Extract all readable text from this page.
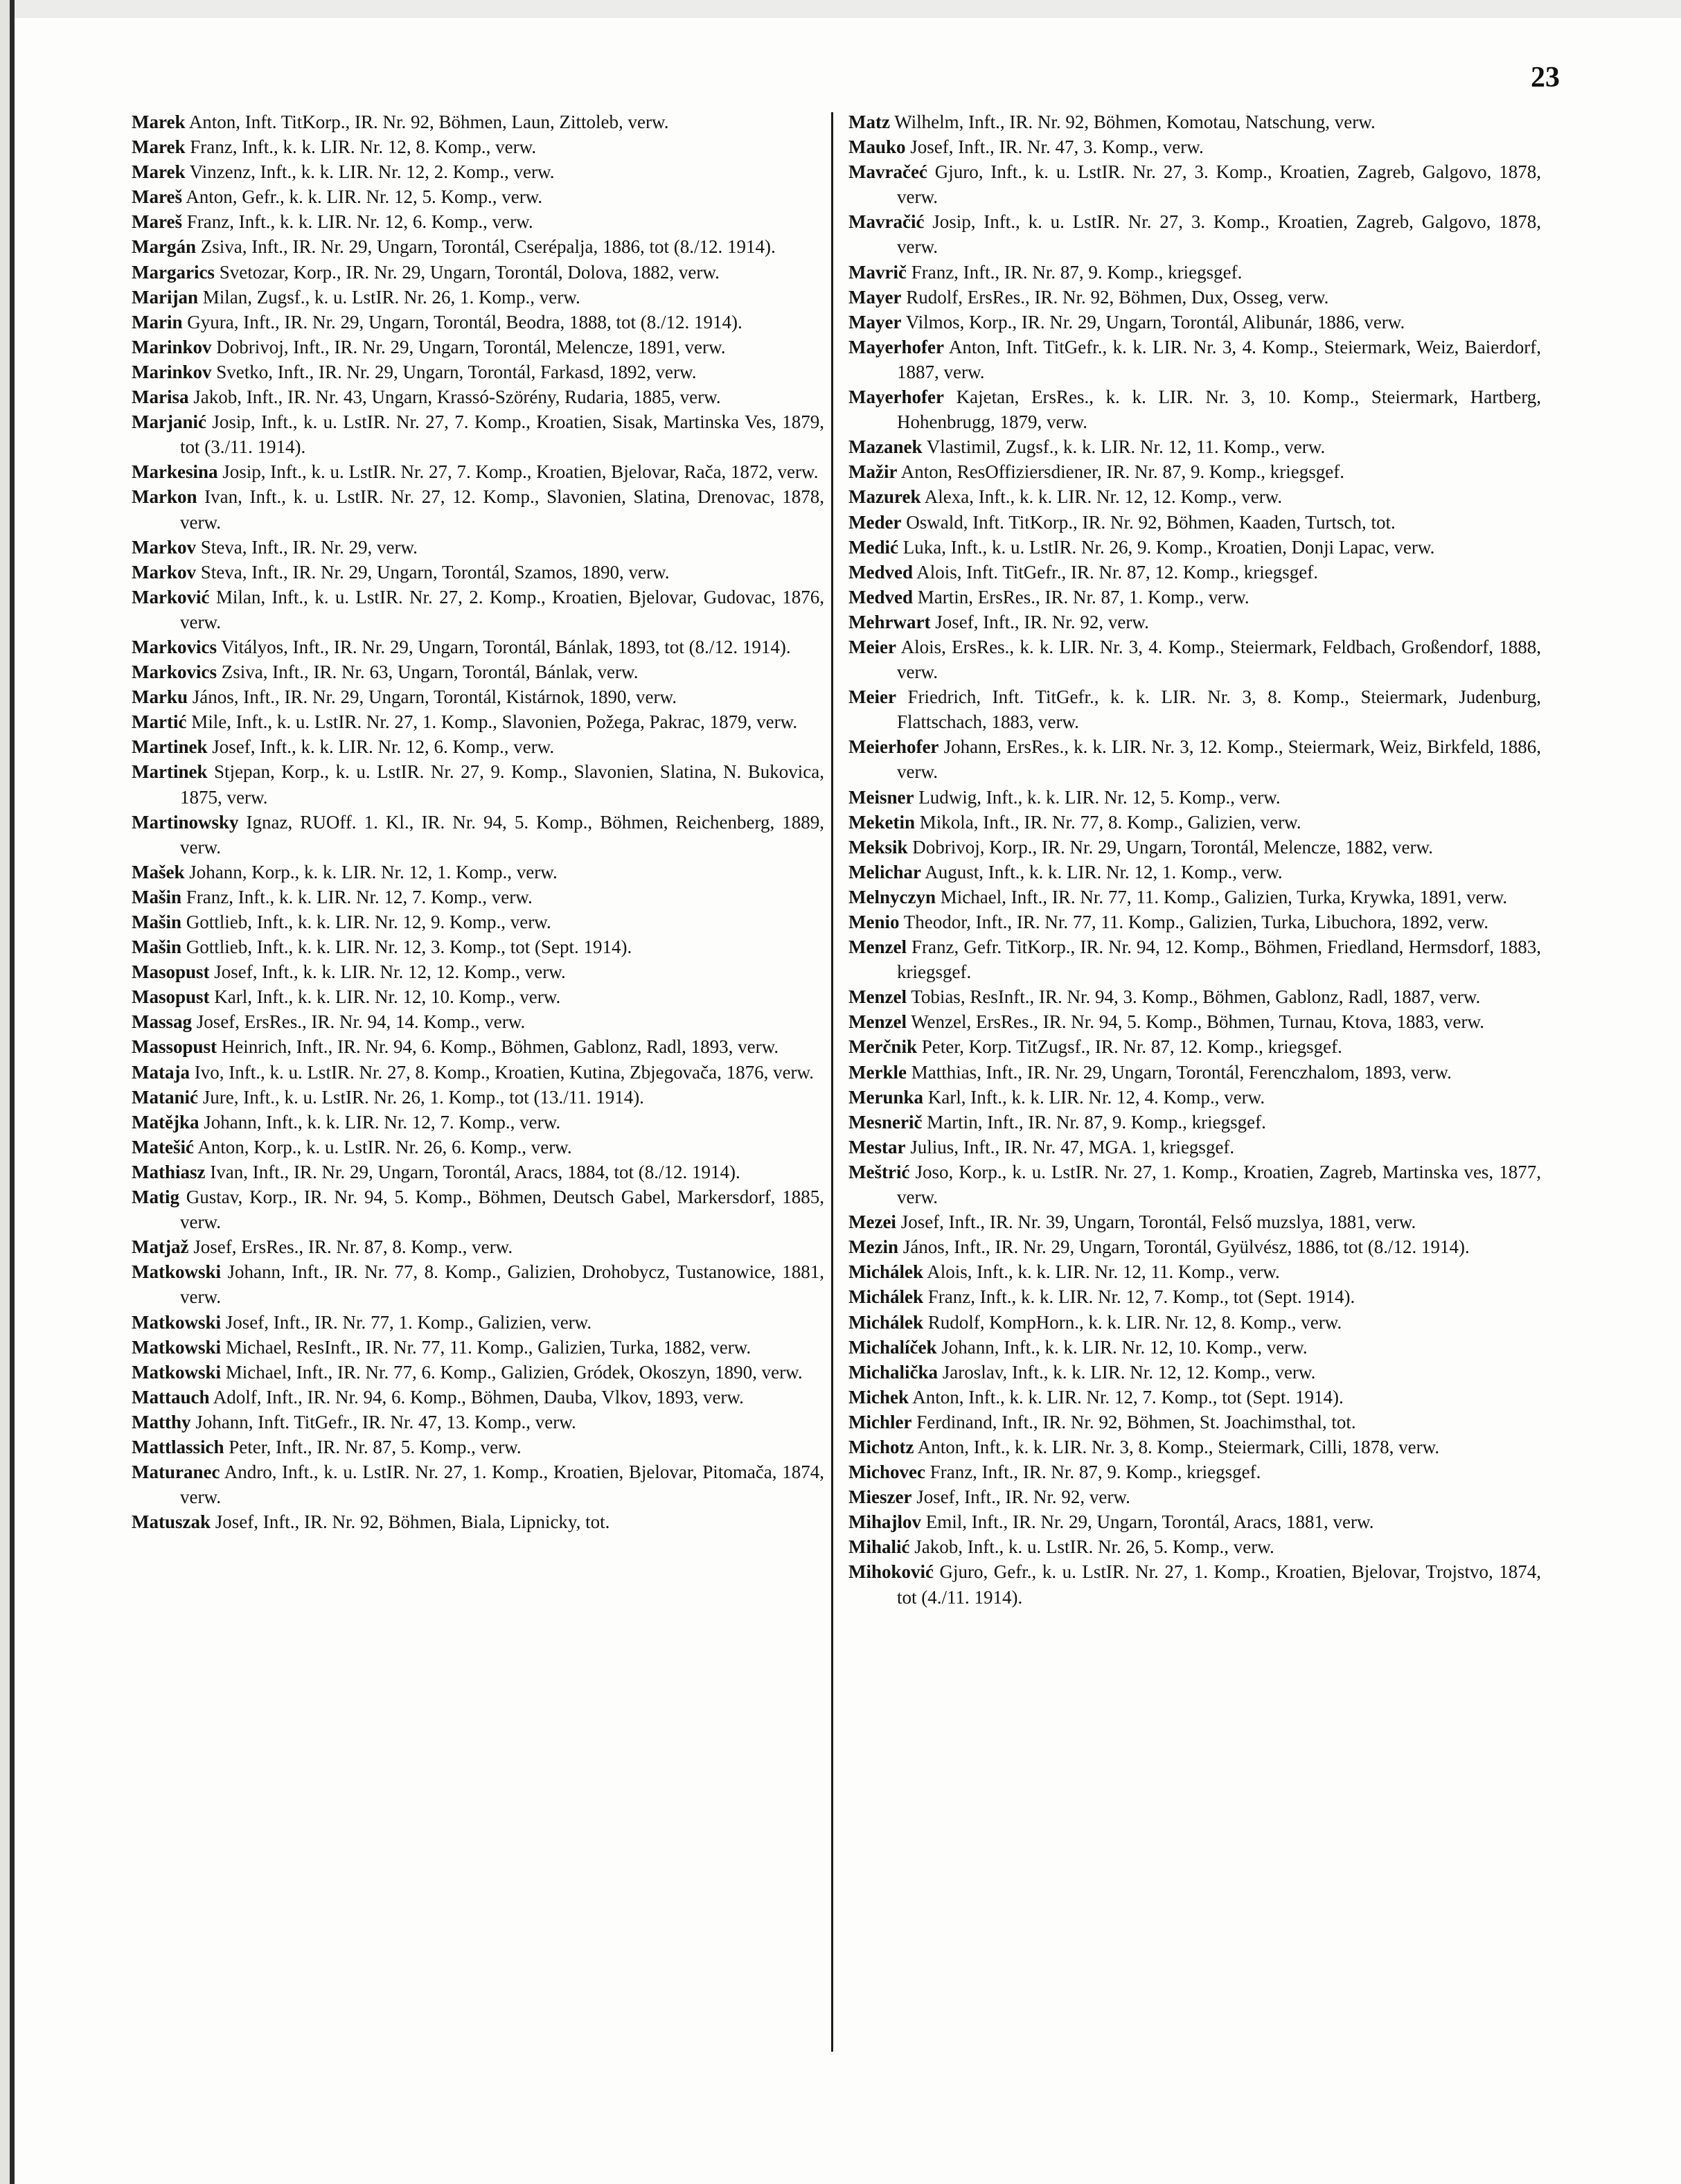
23

Marek Anton, Inft. TitKorp., IR. Nr. 92, Böhmen, Laun, Zittoleb, verw.

Marek Franz, Inft., k. k. LIR. Nr. 12, 8. Komp., verw.

Marek Vinzenz, Inft., k. k. LIR. Nr. 12, 2. Komp., verw.

Mareš Anton, Gefr., k. k. LIR. Nr. 12, 5. Komp., verw.

Mareš Franz, Inft., k. k. LIR. Nr. 12, 6. Komp., verw.

Margán Zsiva, Inft., IR. Nr. 29, Ungarn, Torontál, Cserépalja, 1886, tot (8./12. 1914).

Margarics Svetozar, Korp., IR. Nr. 29, Ungarn, Torontál, Dolova, 1882, verw.

Marijan Milan, Zugsf., k. u. LstIR. Nr. 26, 1. Komp., verw.

Marin Gyura, Inft., IR. Nr. 29, Ungarn, Torontál, Beodra, 1888, tot (8./12. 1914).

Marinkov Dobrivoj, Inft., IR. Nr. 29, Ungarn, Torontál, Melencze, 1891, verw.

Marinkov Svetko, Inft., IR. Nr. 29, Ungarn, Torontál, Farkasd, 1892, verw.

Marisa Jakob, Inft., IR. Nr. 43, Ungarn, Krassó-Szörény, Rudaria, 1885, verw.

Marjanić Josip, Inft., k. u. LstIR. Nr. 27, 7. Komp., Kroatien, Sisak, Martinska Ves, 1879, tot (3./11. 1914).

Markesina Josip, Inft., k. u. LstIR. Nr. 27, 7. Komp., Kroatien, Bjelovar, Rača, 1872, verw.

Markon Ivan, Inft., k. u. LstIR. Nr. 27, 12. Komp., Slavonien, Slatina, Drenovac, 1878, verw.

Markov Steva, Inft., IR. Nr. 29, verw.

Markov Steva, Inft., IR. Nr. 29, Ungarn, Torontál, Szamos, 1890, verw.

Marković Milan, Inft., k. u. LstIR. Nr. 27, 2. Komp., Kroatien, Bjelovar, Gudovac, 1876, verw.

Markovics Vitályos, Inft., IR. Nr. 29, Ungarn, Torontál, Bánlak, 1893, tot (8./12. 1914).

Markovics Zsiva, Inft., IR. Nr. 63, Ungarn, Torontál, Bánlak, verw.

Marku János, Inft., IR. Nr. 29, Ungarn, Torontál, Kistárnok, 1890, verw.

Martić Mile, Inft., k. u. LstIR. Nr. 27, 1. Komp., Slavonien, Požega, Pakrac, 1879, verw.

Martinek Josef, Inft., k. k. LIR. Nr. 12, 6. Komp., verw.

Martinek Stjepan, Korp., k. u. LstIR. Nr. 27, 9. Komp., Slavonien, Slatina, N. Bukovica, 1875, verw.

Martinowsky Ignaz, RUOff. 1. Kl., IR. Nr. 94, 5. Komp., Böhmen, Reichenberg, 1889, verw.

Mašek Johann, Korp., k. k. LIR. Nr. 12, 1. Komp., verw.

Mašin Franz, Inft., k. k. LIR. Nr. 12, 7. Komp., verw.

Mašin Gottlieb, Inft., k. k. LIR. Nr. 12, 9. Komp., verw.

Mašin Gottlieb, Inft., k. k. LIR. Nr. 12, 3. Komp., tot (Sept. 1914).

Masopust Josef, Inft., k. k. LIR. Nr. 12, 12. Komp., verw.

Masopust Karl, Inft., k. k. LIR. Nr. 12, 10. Komp., verw.

Massag Josef, ErsRes., IR. Nr. 94, 14. Komp., verw.

Massopust Heinrich, Inft., IR. Nr. 94, 6. Komp., Böhmen, Gablonz, Radl, 1893, verw.

Mataja Ivo, Inft., k. u. LstIR. Nr. 27, 8. Komp., Kroatien, Kutina, Zbjegovača, 1876, verw.

Matanić Jure, Inft., k. u. LstIR. Nr. 26, 1. Komp., tot (13./11. 1914).

Matějka Johann, Inft., k. k. LIR. Nr. 12, 7. Komp., verw.

Matešić Anton, Korp., k. u. LstIR. Nr. 26, 6. Komp., verw.

Mathiasz Ivan, Inft., IR. Nr. 29, Ungarn, Torontál, Aracs, 1884, tot (8./12. 1914).

Matig Gustav, Korp., IR. Nr. 94, 5. Komp., Böhmen, Deutsch Gabel, Markersdorf, 1885, verw.

Matjaž Josef, ErsRes., IR. Nr. 87, 8. Komp., verw.

Matkowski Johann, Inft., IR. Nr. 77, 8. Komp., Galizien, Drohobycz, Tustanowice, 1881, verw.

Matkowski Josef, Inft., IR. Nr. 77, 1. Komp., Galizien, verw.

Matkowski Michael, ResInft., IR. Nr. 77, 11. Komp., Galizien, Turka, 1882, verw.

Matkowski Michael, Inft., IR. Nr. 77, 6. Komp., Galizien, Gródek, Okoszyn, 1890, verw.

Mattauch Adolf, Inft., IR. Nr. 94, 6. Komp., Böhmen, Dauba, Vlkov, 1893, verw.

Matthy Johann, Inft. TitGefr., IR. Nr. 47, 13. Komp., verw.

Mattlassich Peter, Inft., IR. Nr. 87, 5. Komp., verw.

Maturanec Andro, Inft., k. u. LstIR. Nr. 27, 1. Komp., Kroatien, Bjelovar, Pitomača, 1874, verw.

Matuszak Josef, Inft., IR. Nr. 92, Böhmen, Biala, Lipnicky, tot.

Matz Wilhelm, Inft., IR. Nr. 92, Böhmen, Komotau, Natschung, verw.

Mauko Josef, Inft., IR. Nr. 47, 3. Komp., verw.

Mavračeć Gjuro, Inft., k. u. LstIR. Nr. 27, 3. Komp., Kroatien, Zagreb, Galgovo, 1878, verw.

Mavračić Josip, Inft., k. u. LstIR. Nr. 27, 3. Komp., Kroatien, Zagreb, Galgovo, 1878, verw.

Mavrič Franz, Inft., IR. Nr. 87, 9. Komp., kriegsgef.

Mayer Rudolf, ErsRes., IR. Nr. 92, Böhmen, Dux, Osseg, verw.

Mayer Vilmos, Korp., IR. Nr. 29, Ungarn, Torontál, Alibunár, 1886, verw.

Mayerhofer Anton, Inft. TitGefr., k. k. LIR. Nr. 3, 4. Komp., Steiermark, Weiz, Baierdorf, 1887, verw.

Mayerhofer Kajetan, ErsRes., k. k. LIR. Nr. 3, 10. Komp., Steiermark, Hartberg, Hohenbrugg, 1879, verw.

Mazanek Vlastimil, Zugsf., k. k. LIR. Nr. 12, 11. Komp., verw.

Mažir Anton, ResOffiziersdiener, IR. Nr. 87, 9. Komp., kriegsgef.

Mazurek Alexa, Inft., k. k. LIR. Nr. 12, 12. Komp., verw.

Meder Oswald, Inft. TitKorp., IR. Nr. 92, Böhmen, Kaaden, Turtsch, tot.

Medić Luka, Inft., k. u. LstIR. Nr. 26, 9. Komp., Kroatien, Donji Lapac, verw.

Medved Alois, Inft. TitGefr., IR. Nr. 87, 12. Komp., kriegsgef.

Medved Martin, ErsRes., IR. Nr. 87, 1. Komp., verw.

Mehrwart Josef, Inft., IR. Nr. 92, verw.

Meier Alois, ErsRes., k. k. LIR. Nr. 3, 4. Komp., Steiermark, Feldbach, Großendorf, 1888, verw.

Meier Friedrich, Inft. TitGefr., k. k. LIR. Nr. 3, 8. Komp., Steiermark, Judenburg, Flattschach, 1883, verw.

Meierhofer Johann, ErsRes., k. k. LIR. Nr. 3, 12. Komp., Steiermark, Weiz, Birkfeld, 1886, verw.

Meisner Ludwig, Inft., k. k. LIR. Nr. 12, 5. Komp., verw.

Meketin Mikola, Inft., IR. Nr. 77, 8. Komp., Galizien, verw.

Meksik Dobrivoj, Korp., IR. Nr. 29, Ungarn, Torontál, Melencze, 1882, verw.

Melichar August, Inft., k. k. LIR. Nr. 12, 1. Komp., verw.

Melnyczyn Michael, Inft., IR. Nr. 77, 11. Komp., Galizien, Turka, Krywka, 1891, verw.

Menio Theodor, Inft., IR. Nr. 77, 11. Komp., Galizien, Turka, Libuchora, 1892, verw.

Menzel Franz, Gefr. TitKorp., IR. Nr. 94, 12. Komp., Böhmen, Friedland, Hermsdorf, 1883, kriegsgef.

Menzel Tobias, ResInft., IR. Nr. 94, 3. Komp., Böhmen, Gablonz, Radl, 1887, verw.

Menzel Wenzel, ErsRes., IR. Nr. 94, 5. Komp., Böhmen, Turnau, Ktova, 1883, verw.

Merčnik Peter, Korp. TitZugsf., IR. Nr. 87, 12. Komp., kriegsgef.

Merkle Matthias, Inft., IR. Nr. 29, Ungarn, Torontál, Ferenczhalom, 1893, verw.

Merunka Karl, Inft., k. k. LIR. Nr. 12, 4. Komp., verw.

Mesnerič Martin, Inft., IR. Nr. 87, 9. Komp., kriegsgef.

Mestar Julius, Inft., IR. Nr. 47, MGA. 1, kriegsgef.

Meštrić Joso, Korp., k. u. LstIR. Nr. 27, 1. Komp., Kroatien, Zagreb, Martinska ves, 1877, verw.

Mezei Josef, Inft., IR. Nr. 39, Ungarn, Torontál, Felső muzslya, 1881, verw.

Mezin János, Inft., IR. Nr. 29, Ungarn, Torontál, Gyülvész, 1886, tot (8./12. 1914).

Michálek Alois, Inft., k. k. LIR. Nr. 12, 11. Komp., verw.

Michálek Franz, Inft., k. k. LIR. Nr. 12, 7. Komp., tot (Sept. 1914).

Michálek Rudolf, KompHorn., k. k. LIR. Nr. 12, 8. Komp., verw.

Michalíček Johann, Inft., k. k. LIR. Nr. 12, 10. Komp., verw.

Michalička Jaroslav, Inft., k. k. LIR. Nr. 12, 12. Komp., verw.

Michek Anton, Inft., k. k. LIR. Nr. 12, 7. Komp., tot (Sept. 1914).

Michler Ferdinand, Inft., IR. Nr. 92, Böhmen, St. Joachimsthal, tot.

Michotz Anton, Inft., k. k. LIR. Nr. 3, 8. Komp., Steiermark, Cilli, 1878, verw.

Michovec Franz, Inft., IR. Nr. 87, 9. Komp., kriegsgef.

Mieszer Josef, Inft., IR. Nr. 92, verw.

Mihajlov Emil, Inft., IR. Nr. 29, Ungarn, Torontál, Aracs, 1881, verw.

Mihalić Jakob, Inft., k. u. LstIR. Nr. 26, 5. Komp., verw.

Mihoković Gjuro, Gefr., k. u. LstIR. Nr. 27, 1. Komp., Kroatien, Bjelovar, Trojstvo, 1874, tot (4./11. 1914).
